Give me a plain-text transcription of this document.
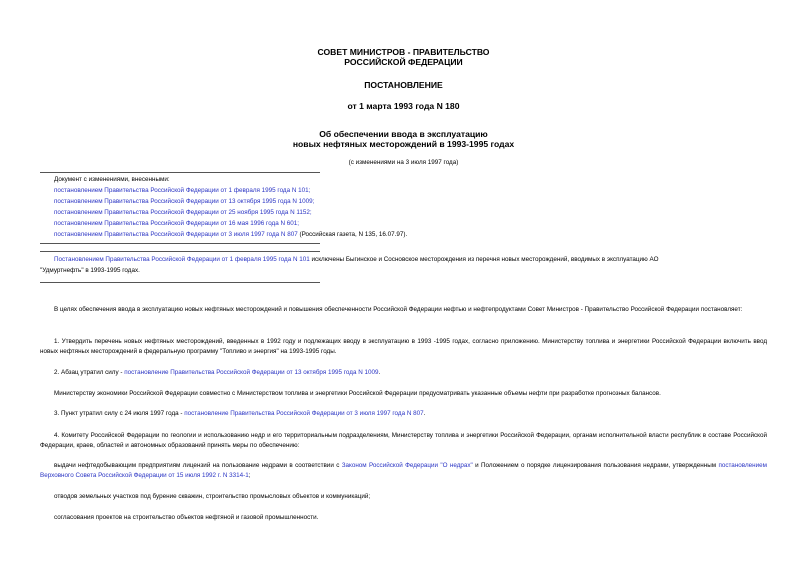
СОВЕТ МИНИСТРОВ - ПРАВИТЕЛЬСТВО
РОССИЙСКОЙ ФЕДЕРАЦИИ
ПОСТАНОВЛЕНИЕ
от 1 марта 1993 года N 180
Об обеспечении ввода в эксплуатацию
новых нефтяных месторождений в 1993-1995 годах
(с изменениями на 3 июля 1997 года)
Документ с изменениями, внесенными:
постановлением Правительства Российской Федерации от 1 февраля 1995 года N 101;
постановлением Правительства Российской Федерации от 13 октября 1995 года N 1009;
постановлением Правительства Российской Федерации от 25 ноября 1995 года N 1152;
постановлением Правительства Российской Федерации от 16 мая 1996 года N 601;
постановлением Правительства Российской Федерации от 3 июля 1997 года N 807 (Российская газета, N 135, 16.07.97).
Постановлением Правительства Российской Федерации от 1 февраля 1995 года N 101 исключены Быгинское и Сосновское месторождения из перечня новых месторождений, вводимых в эксплуатацию АО
"Удмуртнефть" в 1993-1995 годах.

В целях обеспечения ввода в эксплуатацию новых нефтяных месторождений и повышения обеспеченности Российской Федерации нефтью и нефтепродуктами Совет Министров - Правительство Российской Федерации постановляет:

1. Утвердить перечень новых нефтяных месторождений, введенных в 1992 году и подлежащих вводу в эксплуатацию в 1993 -1995 годах, согласно приложению. Министерству топлива и энергетики Российской Федерации включить ввод новых нефтяных месторождений в федеральную программу "Топливо и энергия" на 1993-1995 годы.

2. Абзац утратил силу - постановление Правительства Российской Федерации от 13 октября 1995 года N 1009.

Министерству экономики Российской Федерации совместно с Министерством топлива и энергетики Российской Федерации предусматривать указанные объемы нефти при разработке прогнозных балансов.

3. Пункт утратил силу с 24 июля 1997 года - постановление Правительства Российской Федерации от 3 июля 1997 года N 807.

4. Комитету Российской Федерации по геологии и использованию недр и его территориальным подразделениям, Министерству топлива и энергетики Российской Федерации, органам исполнительной власти республик в составе Российской Федерации, краев, областей и автономных образований принять меры по обеспечению:

выдачи нефтедобывающим предприятиям лицензий на пользование недрами в соответствии с Законом Российской Федерации "О недрах" и Положением о порядке лицензирования пользования недрами, утвержденным постановлением Верховного Совета Российской Федерации от 15 июля 1992 г. N 3314-1;

отводов земельных участков под бурение скважин, строительство промысловых объектов и коммуникаций;

согласования проектов на строительство объектов нефтяной и газовой промышленности.
